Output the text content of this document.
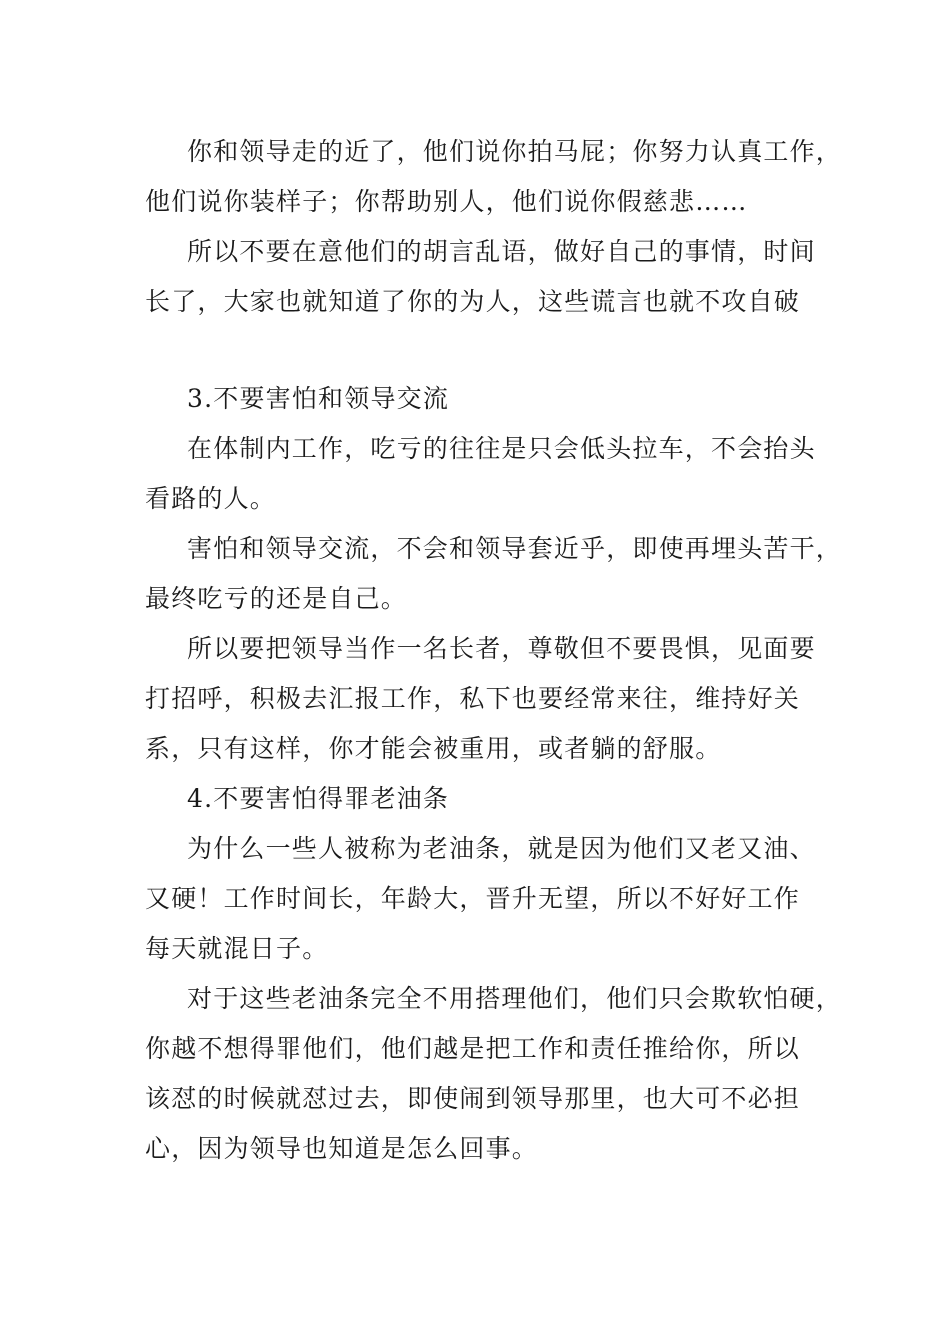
你和领导走的近了，他们说你拍马屁；你努力认真工作，
他们说你装样子；你帮助别人，他们说你假慈悲……
所以不要在意他们的胡言乱语，做好自己的事情，时间
长了，大家也就知道了你的为人，这些谎言也就不攻自破
3.不要害怕和领导交流
在体制内工作，吃亏的往往是只会低头拉车，不会抬头
看路的人。
害怕和领导交流，不会和领导套近乎，即使再埋头苦干，
最终吃亏的还是自己。
所以要把领导当作一名长者，尊敬但不要畏惧，见面要
打招呼，积极去汇报工作，私下也要经常来往，维持好关
系，只有这样，你才能会被重用，或者躺的舒服。
4.不要害怕得罪老油条
为什么一些人被称为老油条，就是因为他们又老又油、
又硬！工作时间长，年龄大，晋升无望，所以不好好工作
每天就混日子。
对于这些老油条完全不用搭理他们，他们只会欺软怕硬，
你越不想得罪他们，他们越是把工作和责任推给你，所以
该怼的时候就怼过去，即使闹到领导那里，也大可不必担
心，因为领导也知道是怎么回事。
